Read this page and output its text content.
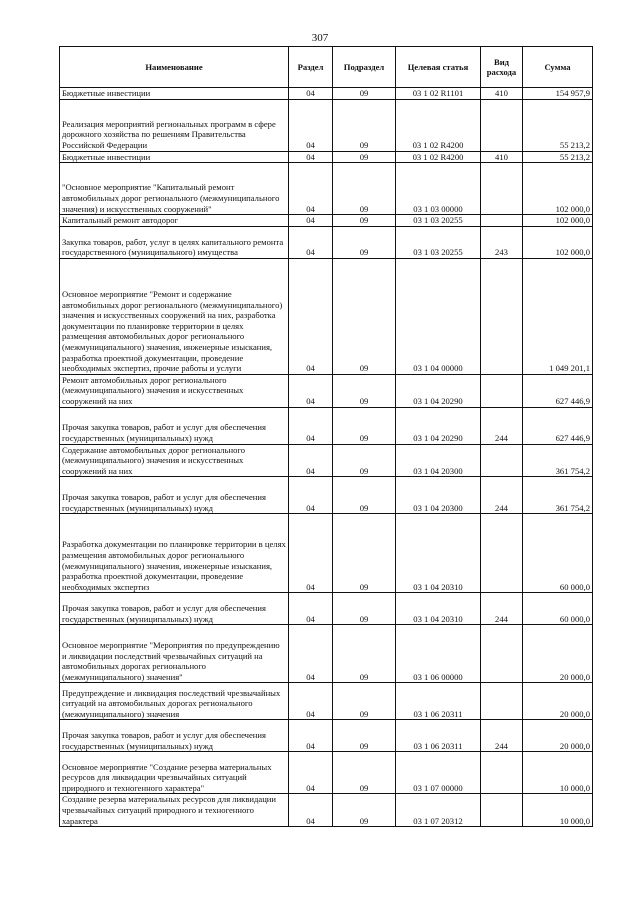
307
Наименование	Раздел	Подраздел	Целевая статья	Вид расхода	Сумма
Бюджетные инвестиции	04	09	03 1 02 R1101	410	154 957,9
Реализация мероприятий региональных программ в сфере дорожного хозяйства по решениям Правительства Российской Федерации	04	09	03 1 02 R4200		55 213,2
Бюджетные инвестиции	04	09	03 1 02 R4200	410	55 213,2
"Основное мероприятие "Капитальный ремонт автомобильных дорог регионального (межмуниципального значения) и искусственных сооружений"	04	09	03 1 03 00000		102 000,0
Капитальный ремонт автодорог	04	09	03 1 03 20255		102 000,0
Закупка товаров, работ, услуг в целях капитального ремонта государственного (муниципального) имущества	04	09	03 1 03 20255	243	102 000,0
Основное мероприятие "Ремонт и содержание автомобильных дорог регионального (межмуниципального) значения и искусственных сооружений на них, разработка документации по планировке территории в целях размещения автомобильных дорог регионального (межмуниципального) значения, инженерные изыскания, разработка проектной документации, проведение необходимых экспертиз, прочие работы и услуги	04	09	03 1 04 00000		1 049 201,1
Ремонт автомобильных дорог регионального (межмуниципального) значения и искусственных сооружений на них	04	09	03 1 04 20290		627 446,9
Прочая закупка товаров, работ и услуг для обеспечения государственных (муниципальных) нужд	04	09	03 1 04 20290	244	627 446,9
Содержание автомобильных дорог регионального (межмуниципального) значения и искусственных сооружений на них	04	09	03 1 04 20300		361 754,2
Прочая закупка товаров, работ и услуг для обеспечения государственных (муниципальных) нужд	04	09	03 1 04 20300	244	361 754,2
Разработка документации по планировке территории в целях размещения автомобильных дорог регионального (межмуниципального) значения, инженерные изыскания, разработка проектной документации, проведение необходимых экспертиз	04	09	03 1 04 20310		60 000,0
Прочая закупка товаров, работ и услуг для обеспечения государственных (муниципальных) нужд	04	09	03 1 04 20310	244	60 000,0
Основное мероприятие "Мероприятия по предупреждению и ликвидации последствий чрезвычайных ситуаций на автомобильных дорогах регионального (межмуниципального) значения"	04	09	03 1 06 00000		20 000,0
Предупреждение и ликвидация последствий чрезвычайных ситуаций на автомобильных дорогах регионального (межмуниципального) значения	04	09	03 1 06 20311		20 000,0
Прочая закупка товаров, работ и услуг для обеспечения государственных (муниципальных) нужд	04	09	03 1 06 20311	244	20 000,0
Основное мероприятие "Создание резерва материальных ресурсов для ликвидации чрезвычайных ситуаций природного и техногенного характера"	04	09	03 1 07 00000		10 000,0
Создание резерва материальных ресурсов для ликвидации чрезвычайных ситуаций природного и техногенного характера	04	09	03 1 07 20312		10 000,0
